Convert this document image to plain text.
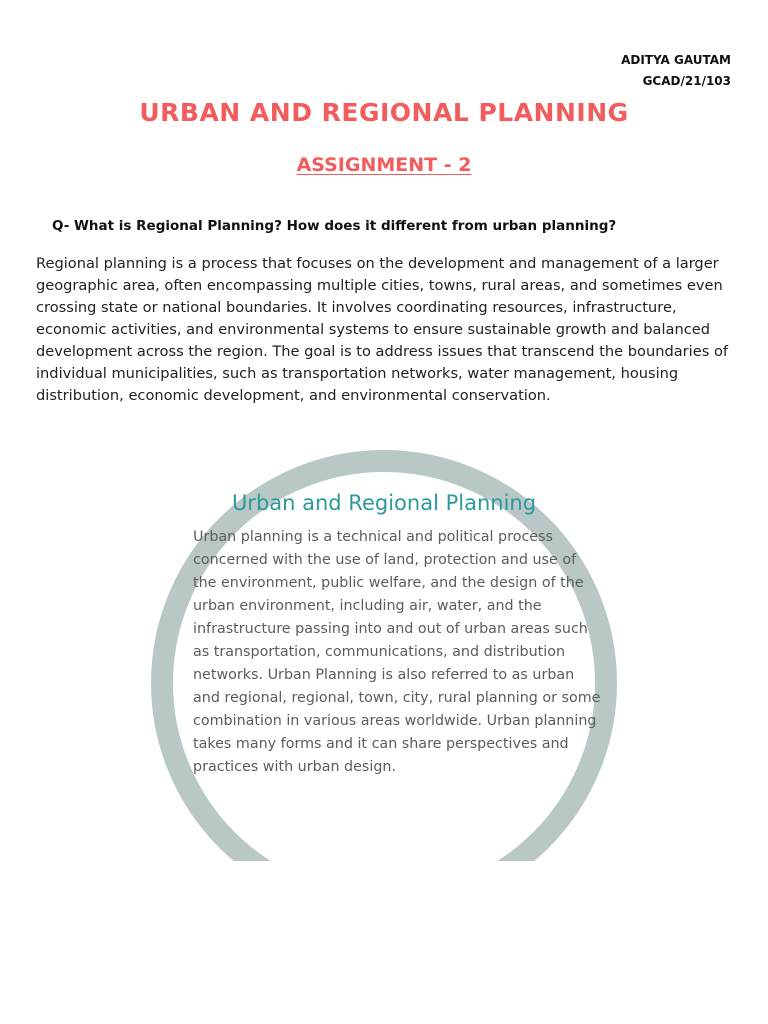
ADITYA GAUTAM
GCAD/21/103
URBAN AND REGIONAL PLANNING
ASSIGNMENT - 2

Q- What is Regional Planning? How does it different from urban planning?

Regional planning is a process that focuses on the development and management of a larger geographic area, often encompassing multiple cities, towns, rural areas, and sometimes even crossing state or national boundaries. It involves coordinating resources, infrastructure, economic activities, and environmental systems to ensure sustainable growth and balanced development across the region. The goal is to address issues that transcend the boundaries of individual municipalities, such as transportation networks, water management, housing distribution, economic development, and environmental conservation.

Urban and Regional Planning
Urban planning is a technical and political process concerned with the use of land, protection and use of the environment, public welfare, and the design of the urban environment, including air, water, and the infrastructure passing into and out of urban areas such as transportation, communications, and distribution networks. Urban Planning is also referred to as urban and regional, regional, town, city, rural planning or some combination in various areas worldwide. Urban planning takes many forms and it can share perspectives and practices with urban design.
